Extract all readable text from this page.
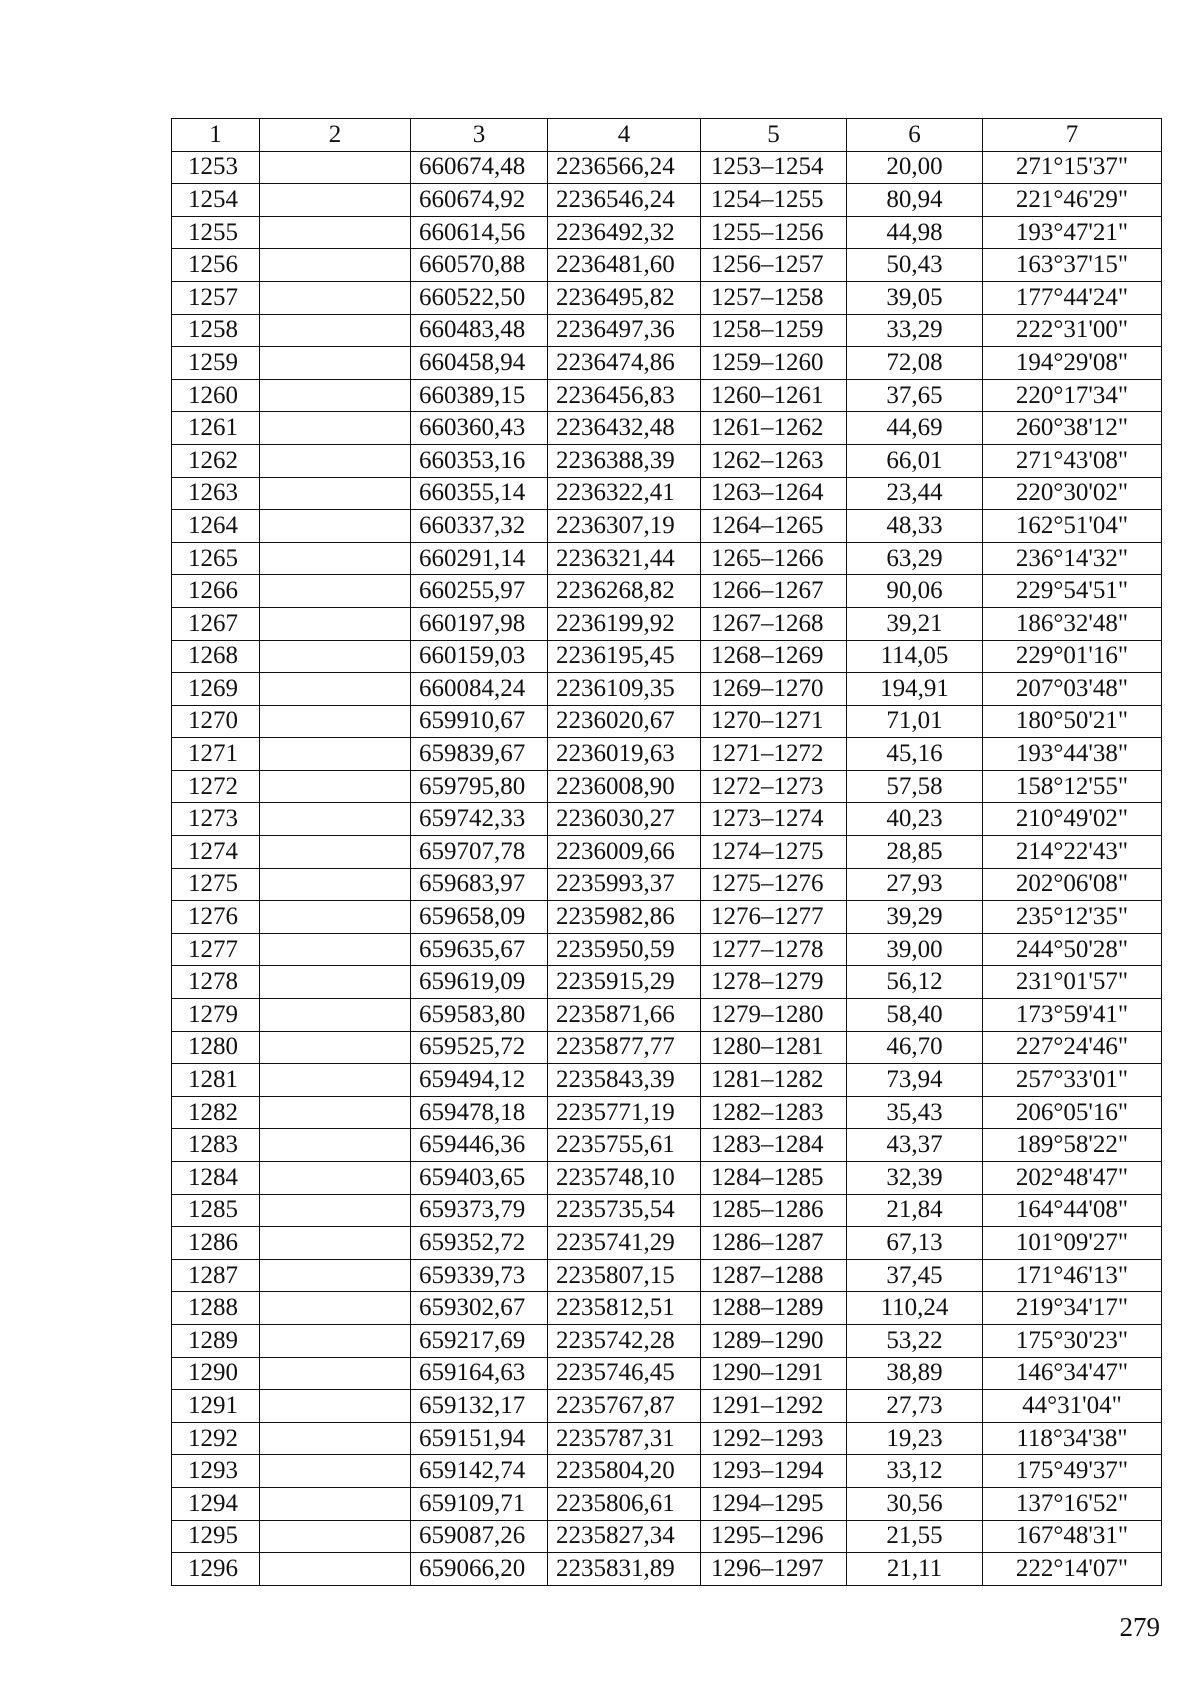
1	2	3	4	5	6	7
1253		660674,48	2236566,24	1253–1254	20,00	271°15'37"
1254		660674,92	2236546,24	1254–1255	80,94	221°46'29"
1255		660614,56	2236492,32	1255–1256	44,98	193°47'21"
1256		660570,88	2236481,60	1256–1257	50,43	163°37'15"
1257		660522,50	2236495,82	1257–1258	39,05	177°44'24"
1258		660483,48	2236497,36	1258–1259	33,29	222°31'00"
1259		660458,94	2236474,86	1259–1260	72,08	194°29'08"
1260		660389,15	2236456,83	1260–1261	37,65	220°17'34"
1261		660360,43	2236432,48	1261–1262	44,69	260°38'12"
1262		660353,16	2236388,39	1262–1263	66,01	271°43'08"
1263		660355,14	2236322,41	1263–1264	23,44	220°30'02"
1264		660337,32	2236307,19	1264–1265	48,33	162°51'04"
1265		660291,14	2236321,44	1265–1266	63,29	236°14'32"
1266		660255,97	2236268,82	1266–1267	90,06	229°54'51"
1267		660197,98	2236199,92	1267–1268	39,21	186°32'48"
1268		660159,03	2236195,45	1268–1269	114,05	229°01'16"
1269		660084,24	2236109,35	1269–1270	194,91	207°03'48"
1270		659910,67	2236020,67	1270–1271	71,01	180°50'21"
1271		659839,67	2236019,63	1271–1272	45,16	193°44'38"
1272		659795,80	2236008,90	1272–1273	57,58	158°12'55"
1273		659742,33	2236030,27	1273–1274	40,23	210°49'02"
1274		659707,78	2236009,66	1274–1275	28,85	214°22'43"
1275		659683,97	2235993,37	1275–1276	27,93	202°06'08"
1276		659658,09	2235982,86	1276–1277	39,29	235°12'35"
1277		659635,67	2235950,59	1277–1278	39,00	244°50'28"
1278		659619,09	2235915,29	1278–1279	56,12	231°01'57"
1279		659583,80	2235871,66	1279–1280	58,40	173°59'41"
1280		659525,72	2235877,77	1280–1281	46,70	227°24'46"
1281		659494,12	2235843,39	1281–1282	73,94	257°33'01"
1282		659478,18	2235771,19	1282–1283	35,43	206°05'16"
1283		659446,36	2235755,61	1283–1284	43,37	189°58'22"
1284		659403,65	2235748,10	1284–1285	32,39	202°48'47"
1285		659373,79	2235735,54	1285–1286	21,84	164°44'08"
1286		659352,72	2235741,29	1286–1287	67,13	101°09'27"
1287		659339,73	2235807,15	1287–1288	37,45	171°46'13"
1288		659302,67	2235812,51	1288–1289	110,24	219°34'17"
1289		659217,69	2235742,28	1289–1290	53,22	175°30'23"
1290		659164,63	2235746,45	1290–1291	38,89	146°34'47"
1291		659132,17	2235767,87	1291–1292	27,73	44°31'04"
1292		659151,94	2235787,31	1292–1293	19,23	118°34'38"
1293		659142,74	2235804,20	1293–1294	33,12	175°49'37"
1294		659109,71	2235806,61	1294–1295	30,56	137°16'52"
1295		659087,26	2235827,34	1295–1296	21,55	167°48'31"
1296		659066,20	2235831,89	1296–1297	21,11	222°14'07"
279
